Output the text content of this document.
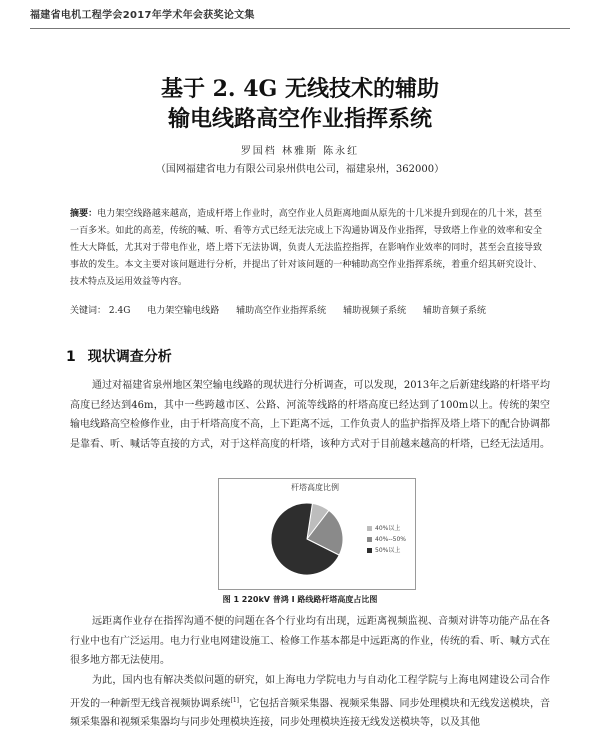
福建省电机工程学会2017年学术年会获奖论文集
基于 2. 4G 无线技术的辅助
输电线路高空作业指挥系统
罗国档 林雅斯 陈永红
（国网福建省电力有限公司泉州供电公司，福建泉州，362000）
摘要：电力架空线路越来越高，造成杆塔上作业时，高空作业人员距离地面从原先的十几米提升到现在的几十米，甚至一百多米。如此的高差，传统的喊、听、看等方式已经无法完成上下沟通协调及作业指挥，导致塔上作业的效率和安全性大大降低，尤其对于带电作业，塔上塔下无法协调，负责人无法监控指挥，在影响作业效率的同时，甚至会直接导致事故的发生。本文主要对该问题进行分析，并提出了针对该问题的一种辅助高空作业指挥系统，着重介绍其研究设计、技术特点及运用效益等内容。
关键词： 2.4G 电力架空输电线路 辅助高空作业指挥系统 辅助视频子系统 辅助音频子系统
1 现状调查分析
通过对福建省泉州地区架空输电线路的现状进行分析调查，可以发现，2013年之后新建线路的杆塔平均高度已经达到46m，其中一些跨越市区、公路、河流等线路的杆塔高度已经达到了100m以上。传统的架空输电线路高空检修作业，由于杆塔高度不高，上下距离不远，工作负责人的监护指挥及塔上塔下的配合协调都是靠看、听、喊话等直接的方式，对于这样高度的杆塔，该种方式对于目前越来越高的杆塔，已经无法适用。
杆塔高度比例
40%以上
40%--50%
50%以上
图 1 220kV 普鸿 I 路线路杆塔高度占比图
远距离作业存在指挥沟通不便的问题在各个行业均有出现，远距离视频监视、音频对讲等功能产品在各行业中也有广泛运用。电力行业电网建设施工、检修工作基本都是中远距离的作业，传统的看、听、喊方式在很多地方都无法使用。
为此，国内也有解决类似问题的研究，如上海电力学院电力与自动化工程学院与上海电网建设公司合作开发的一种新型无线音视频协调系统[1]，它包括音频采集器、视频采集器、同步处理模块和无线发送模块，音频采集器和视频采集器均与同步处理模块连接，同步处理模块连接无线发送模块等，以及其他
